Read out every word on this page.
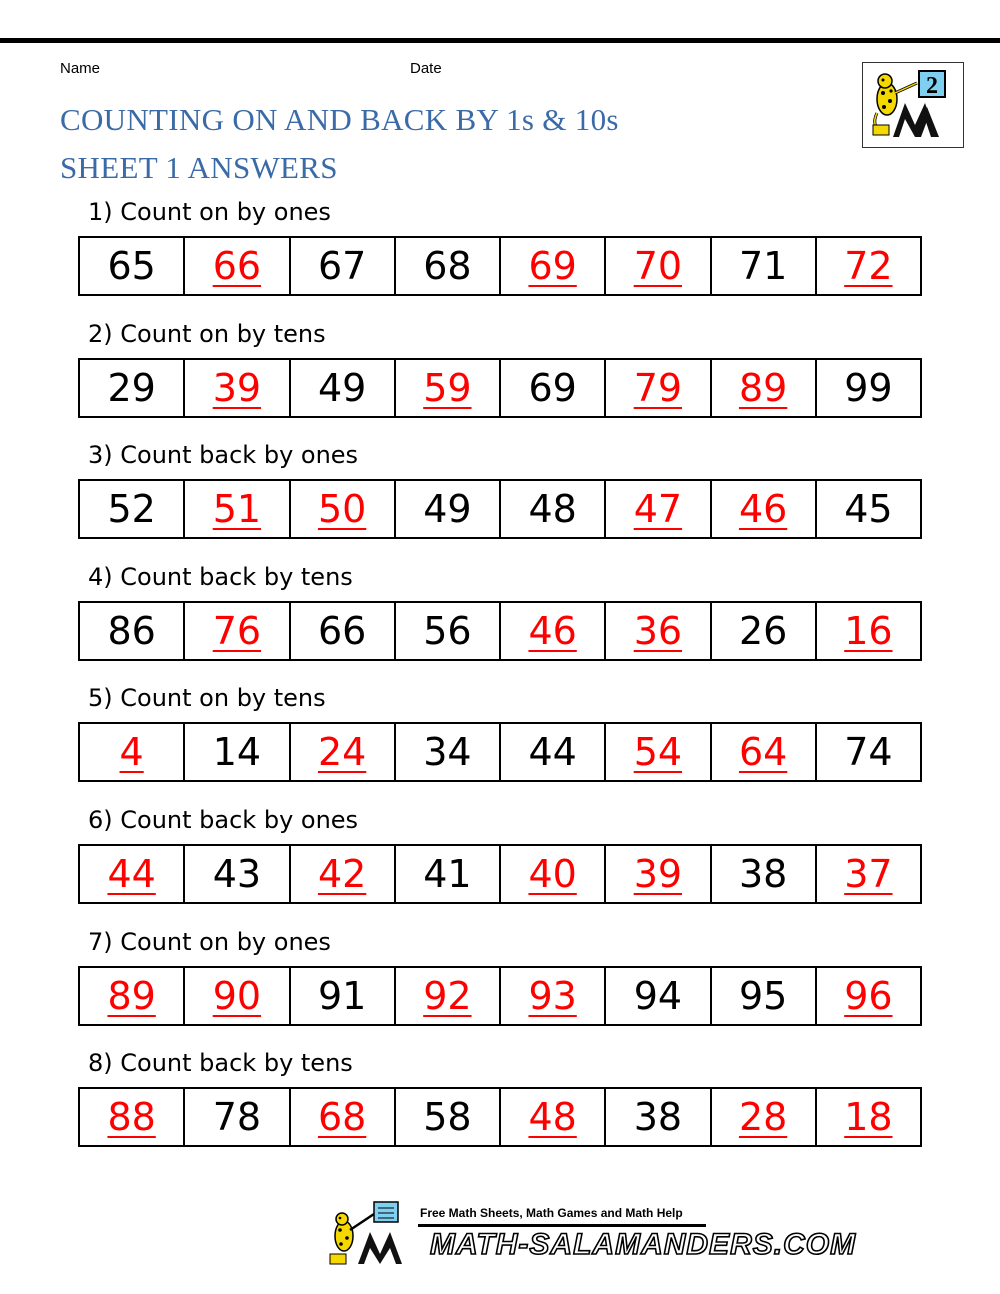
Name	Date
COUNTING ON AND BACK BY 1s & 10s
SHEET 1 ANSWERS
2
1) Count on by ones
65	66	67	68	69	70	71	72
2) Count on by tens
29	39	49	59	69	79	89	99
3) Count back by ones
52	51	50	49	48	47	46	45
4) Count back by tens
86	76	66	56	46	36	26	16
5) Count on by tens
4	14	24	34	44	54	64	74
6) Count back by ones
44	43	42	41	40	39	38	37
7) Count on by ones
89	90	91	92	93	94	95	96
8) Count back by tens
88	78	68	58	48	38	28	18
Free Math Sheets, Math Games and Math Help
MATH-SALAMANDERS.COM
